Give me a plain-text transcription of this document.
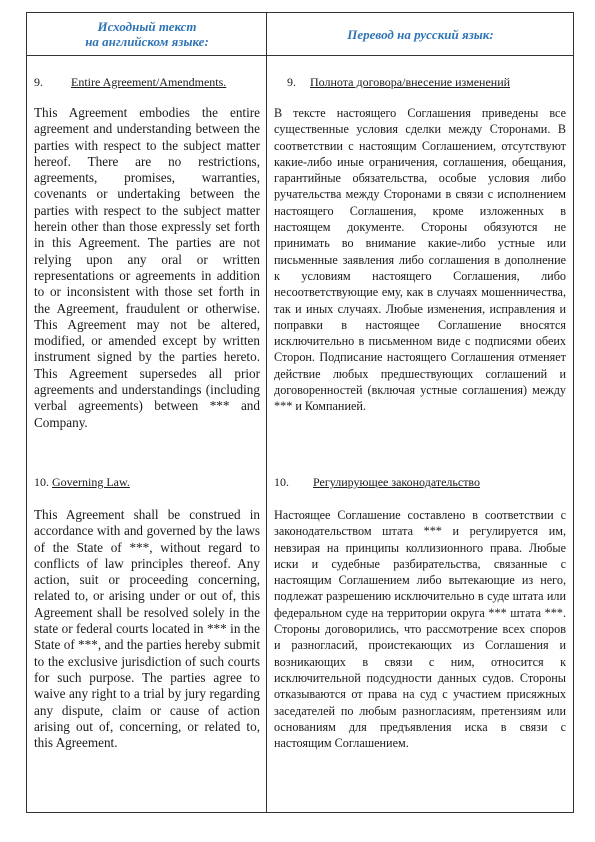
Исходный текст
на английском языке:
9. Entire Agreement/Amendments.
This Agreement embodies the entire agreement and understanding between the parties with respect to the subject matter hereof. There are no restrictions, agreements, promises, warranties, covenants or undertaking between the parties with respect to the subject matter herein other than those expressly set forth in this Agreement. The parties are not relying upon any oral or written representations or agreements in addition to or inconsistent with those set forth in the Agreement, fraudulent or otherwise. This Agreement may not be altered, modified, or amended except by written instrument signed by the parties hereto. This Agreement supersedes all prior agreements and understandings (including verbal agreements) between *** and Company.
10. Governing Law.
This Agreement shall be construed in accordance with and governed by the laws of the State of ***, without regard to conflicts of law principles thereof. Any action, suit or proceeding concerning, related to, or arising under or out of, this Agreement shall be resolved solely in the state or federal courts located in *** in the State of ***, and the parties hereby submit to the exclusive jurisdiction of such courts for such purpose. The parties agree to waive any right to a trial by jury regarding any dispute, claim or cause of action arising out of, concerning, or related to, this Agreement.
Перевод на русский язык:
9. Полнота договора/внесение изменений
В тексте настоящего Соглашения приведены все существенные условия сделки между Сторонами. В соответствии с настоящим Соглашением, отсутствуют какие-либо иные ограничения, соглашения, обещания, гарантийные обязательства, особые условия либо ручательства между Сторонами в связи с исполнением настоящего Соглашения, кроме изложенных в настоящем документе. Стороны обязуются не принимать во внимание какие-либо устные или письменные заявления либо соглашения в дополнение к условиям настоящего Соглашения, либо несоответствующие ему, как в случаях мошенничества, так и иных случаях. Любые изменения, исправления и поправки в настоящее Соглашение вносятся исключительно в письменном виде с подписями обеих Сторон. Подписание настоящего Соглашения отменяет действие любых предшествующих соглашений и договоренностей (включая устные соглашения) между *** и Компанией.
10. Регулирующее законодательство
Настоящее Соглашение составлено в соответствии с законодательством штата *** и регулируется им, невзирая на принципы коллизионного права. Любые иски и судебные разбирательства, связанные с настоящим Соглашением либо вытекающие из него, подлежат разрешению исключительно в суде штата или федеральном суде на территории округа *** штата ***. Стороны договорились, что рассмотрение всех споров и разногласий, проистекающих из Соглашения и возникающих в связи с ним, относится к исключительной подсудности данных судов. Стороны отказываются от права на суд с участием присяжных заседателей по любым разногласиям, претензиям или основаниям для предъявления иска в связи с настоящим Соглашением.
